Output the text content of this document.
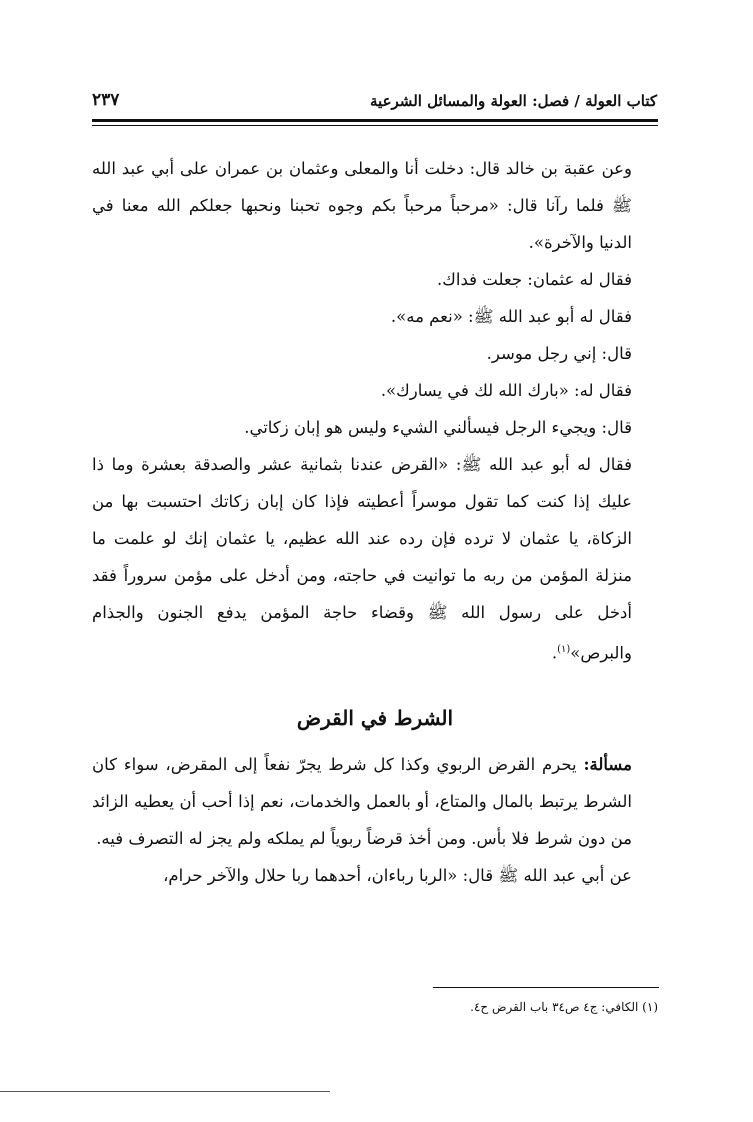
كتاب العولة / فصل: العولة والمسائل الشرعية
٢٣٧

وعن عقبة بن خالد قال: دخلت أنا والمعلى وعثمان بن عمران على أبي عبد الله ﷺ فلما رآنا قال: «مرحباً مرحباً بكم وجوه تحبنا ونحبها جعلكم الله معنا في الدنيا والآخرة».

فقال له عثمان: جعلت فداك.

فقال له أبو عبد الله ﷺ: «نعم مه».

قال: إني رجل موسر.

فقال له: «بارك الله لك في يسارك».

قال: ويجيء الرجل فيسألني الشيء وليس هو إبان زكاتي.

فقال له أبو عبد الله ﷺ: «القرض عندنا بثمانية عشر والصدقة بعشرة وما ذا عليك إذا كنت كما تقول موسراً أعطيته فإذا كان إبان زكاتك احتسبت بها من الزكاة، يا عثمان لا ترده فإن رده عند الله عظيم، يا عثمان إنك لو علمت ما منزلة المؤمن من ربه ما توانيت في حاجته، ومن أدخل على مؤمن سروراً فقد أدخل على رسول الله ﷺ وقضاء حاجة المؤمن يدفع الجنون والجذام والبرص»$^{(١)}$.

الشرط في القرض

مسألة: يحرم القرض الربوي وكذا كل شرط يجرّ نفعاً إلى المقرض، سواء كان الشرط يرتبط بالمال والمتاع، أو بالعمل والخدمات، نعم إذا أحب أن يعطيه الزائد من دون شرط فلا بأس. ومن أخذ قرضاً ربوياً لم يملكه ولم يجز له التصرف فيه.

عن أبي عبد الله ﷺ قال: «الربا رباءان، أحدهما ربا حلال والآخر حرام،

(١) الكافي: ج٤ ص٣٤ باب القرض ح٤.
